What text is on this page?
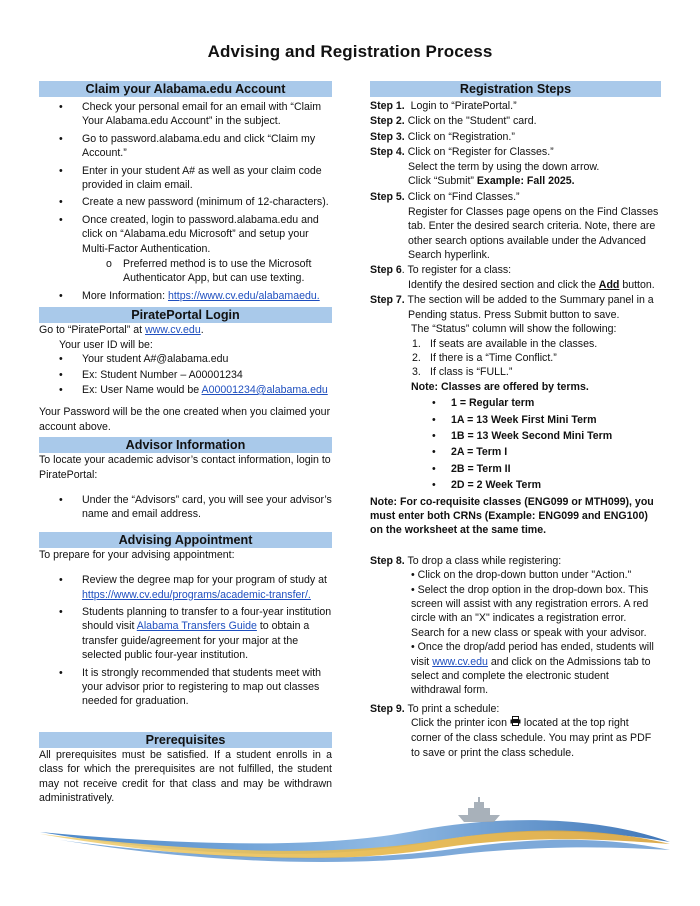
Advising and Registration Process
Claim your Alabama.edu Account
• Check your personal email for an email with “Claim Your Alabama.edu Account” in the subject.
• Go to password.alabama.edu and click “Claim my Account.”
• Enter in your student A# as well as your claim code provided in claim email.
• Create a new password (minimum of 12-characters).
• Once created, login to password.alabama.edu and click on “Alabama.edu Microsoft” and setup your Multi-Factor Authentication.
o Preferred method is to use the Microsoft Authenticator App, but can use texting.
• More Information: https://www.cv.edu/alabamaedu.
PiratePortal Login

Go to “PiratePortal” at www.cv.edu.

Your user ID will be:

• Your student A#@alabama.edu
• Ex: Student Number – A00001234
• Ex: User Name would be A00001234@alabama.edu

Your Password will be the one created when you claimed your account above.

Advisor Information

To locate your academic advisor’s contact information, login to PiratePortal:

• Under the “Advisors” card, you will see your advisor’s name and email address.
Advising Appointment

To prepare for your advising appointment:

• Review the degree map for your program of study at https://www.cv.edu/programs/academic-transfer/.
• Students planning to transfer to a four-year institution should visit Alabama Transfers Guide to obtain a transfer guide/agreement for your major at the selected public four-year institution.
• It is strongly recommended that students meet with your advisor prior to registering to map out classes needed for graduation.
Prerequisites

All prerequisites must be satisfied. If a student enrolls in a class for which the prerequisites are not fulfilled, the student may not receive credit for that class and may be withdrawn administratively.

Registration Steps

Step 1. Login to “PiratePortal.”

Step 2. Click on the "Student" card.

Step 3. Click on “Registration.”

Step 4. Click on “Register for Classes.”

Select the term by using the down arrow.

Click “Submit” Example: Fall 2025.

Step 5. Click on “Find Classes.”

Register for Classes page opens on the Find Classes tab. Enter the desired search criteria. Note, there are other search options available under the Advanced Search hyperlink.

Step 6. To register for a class:

Identify the desired section and click the Add button.

Step 7. The section will be added to the Summary panel in a Pending status. Press Submit button to save.

The “Status” column will show the following:

1. If seats are available in the classes.
2. If there is a “Time Conflict.”
3. If class is “FULL.”

Note: Classes are offered by terms.

• 1 = Regular term
• 1A = 13 Week First Mini Term
• 1B = 13 Week Second Mini Term
• 2A = Term I
• 2B = Term II
• 2D = 2 Week Term

Note: For co-requisite classes (ENG099 or MTH099), you must enter both CRNs (Example: ENG099 and ENG100) on the worksheet at the same time.

Step 8. To drop a class while registering:

• Click on the drop-down button under "Action."

• Select the drop option in the drop-down box. This screen will assist with any registration errors. A red circle with an "X" indicates a registration error. Search for a new class or speak with your advisor.

• Once the drop/add period has ended, students will visit www.cv.edu and click on the Admissions tab to select and complete the electronic student withdrawal form.

Step 9. To print a schedule:

Click the printer icon  located at the top right corner of the class schedule. You may print as PDF to save or print the class schedule.
